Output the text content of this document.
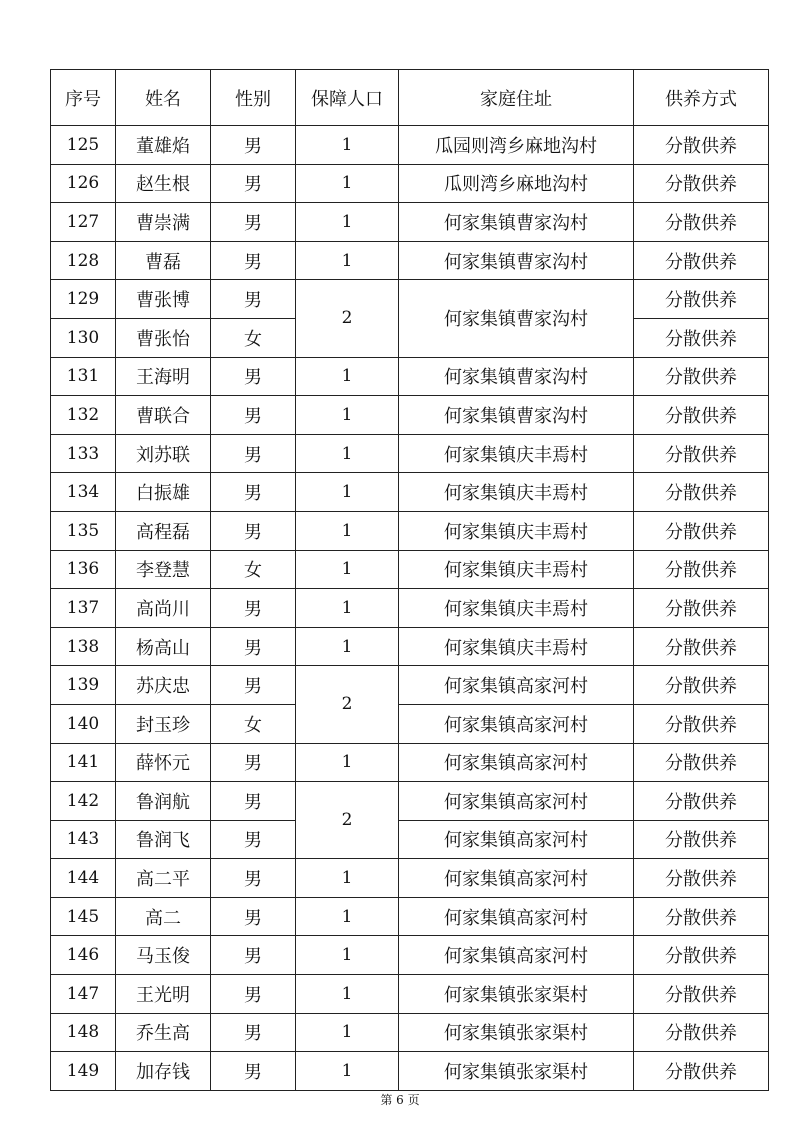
序号	姓名	性别	保障人口	家庭住址	供养方式
125	董雄焰	男	1	瓜园则湾乡麻地沟村	分散供养
126	赵生根	男	1	瓜则湾乡麻地沟村	分散供养
127	曹崇满	男	1	何家集镇曹家沟村	分散供养
128	曹磊	男	1	何家集镇曹家沟村	分散供养
129	曹张博	男	2	何家集镇曹家沟村	分散供养
130	曹张怡	女			分散供养
131	王海明	男	1	何家集镇曹家沟村	分散供养
132	曹联合	男	1	何家集镇曹家沟村	分散供养
133	刘苏联	男	1	何家集镇庆丰焉村	分散供养
134	白振雄	男	1	何家集镇庆丰焉村	分散供养
135	高程磊	男	1	何家集镇庆丰焉村	分散供养
136	李登慧	女	1	何家集镇庆丰焉村	分散供养
137	高尚川	男	1	何家集镇庆丰焉村	分散供养
138	杨高山	男	1	何家集镇庆丰焉村	分散供养
139	苏庆忠	男	2	何家集镇高家河村	分散供养
140	封玉珍	女		何家集镇高家河村	分散供养
141	薛怀元	男	1	何家集镇高家河村	分散供养
142	鲁润航	男	2	何家集镇高家河村	分散供养
143	鲁润飞	男		何家集镇高家河村	分散供养
144	高二平	男	1	何家集镇高家河村	分散供养
145	高二	男	1	何家集镇高家河村	分散供养
146	马玉俊	男	1	何家集镇高家河村	分散供养
147	王光明	男	1	何家集镇张家渠村	分散供养
148	乔生高	男	1	何家集镇张家渠村	分散供养
149	加存钱	男	1	何家集镇张家渠村	分散供养
第 6 页
